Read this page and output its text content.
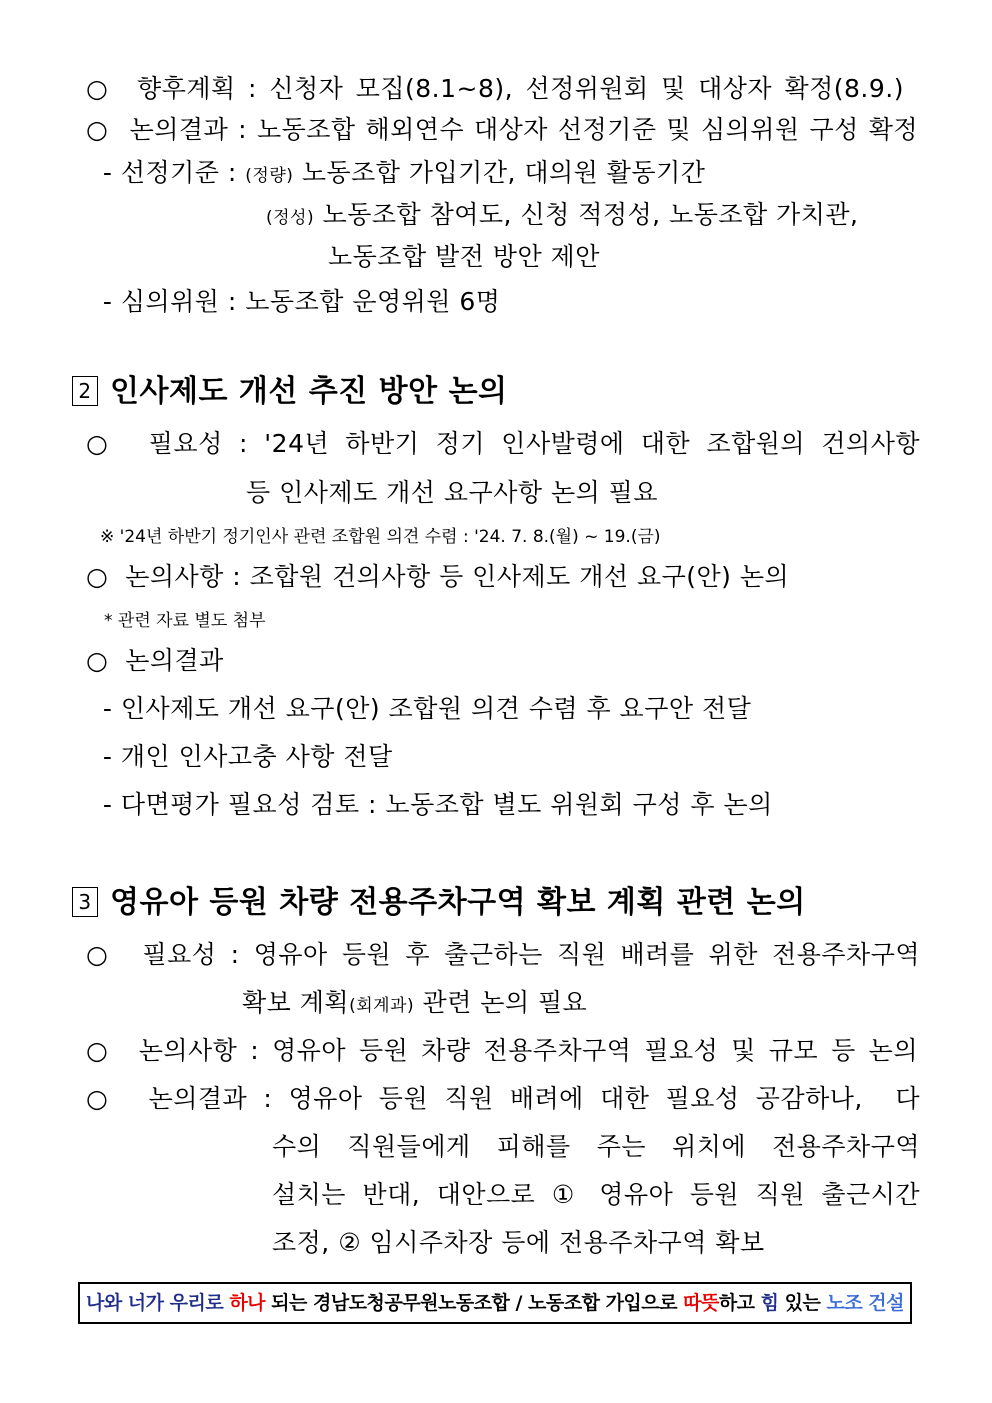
○  향후계획 : 신청자 모집(8.1~8), 선정위원회 및 대상자 확정(8.9.)
○  논의결과 : 노동조합 해외연수 대상자 선정기준 및 심의위원 구성 확정
- 선정기준 : (정량) 노동조합 가입기간, 대의원 활동기간
(정성) 노동조합 참여도, 신청 적정성, 노동조합 가치관,
노동조합 발전 방안 제안
- 심의위원 : 노동조합 운영위원 6명
2 인사제도 개선 추진 방안 논의
○  필요성 : '24년 하반기 정기 인사발령에 대한 조합원의 건의사항
등 인사제도 개선 요구사항 논의 필요
※ '24년 하반기 정기인사 관련 조합원 의견 수렴 : '24. 7. 8.(월) ~ 19.(금)
○  논의사항 : 조합원 건의사항 등 인사제도 개선 요구(안) 논의
* 관련 자료 별도 첨부
○  논의결과
- 인사제도 개선 요구(안) 조합원 의견 수렴 후 요구안 전달
- 개인 인사고충 사항 전달
- 다면평가 필요성 검토 : 노동조합 별도 위원회 구성 후 논의
3 영유아 등원 차량 전용주차구역 확보 계획 관련 논의
○  필요성 : 영유아 등원 후 출근하는 직원 배려를 위한 전용주차구역
확보 계획(회계과) 관련 논의 필요
○  논의사항 : 영유아 등원 차량 전용주차구역 필요성 및 규모 등 논의
○  논의결과 : 영유아 등원 직원 배려에 대한 필요성 공감하나,  다
수의 직원들에게 피해를 주는 위치에 전용주차구역
설치는 반대, 대안으로 ① 영유아 등원 직원 출근시간
조정, ② 임시주차장 등에 전용주차구역 확보
나와 너가 우리로 하나 되는 경남도청공무원노동조합 / 노동조합 가입으로 따뜻하고 힘 있는 노조 건설
